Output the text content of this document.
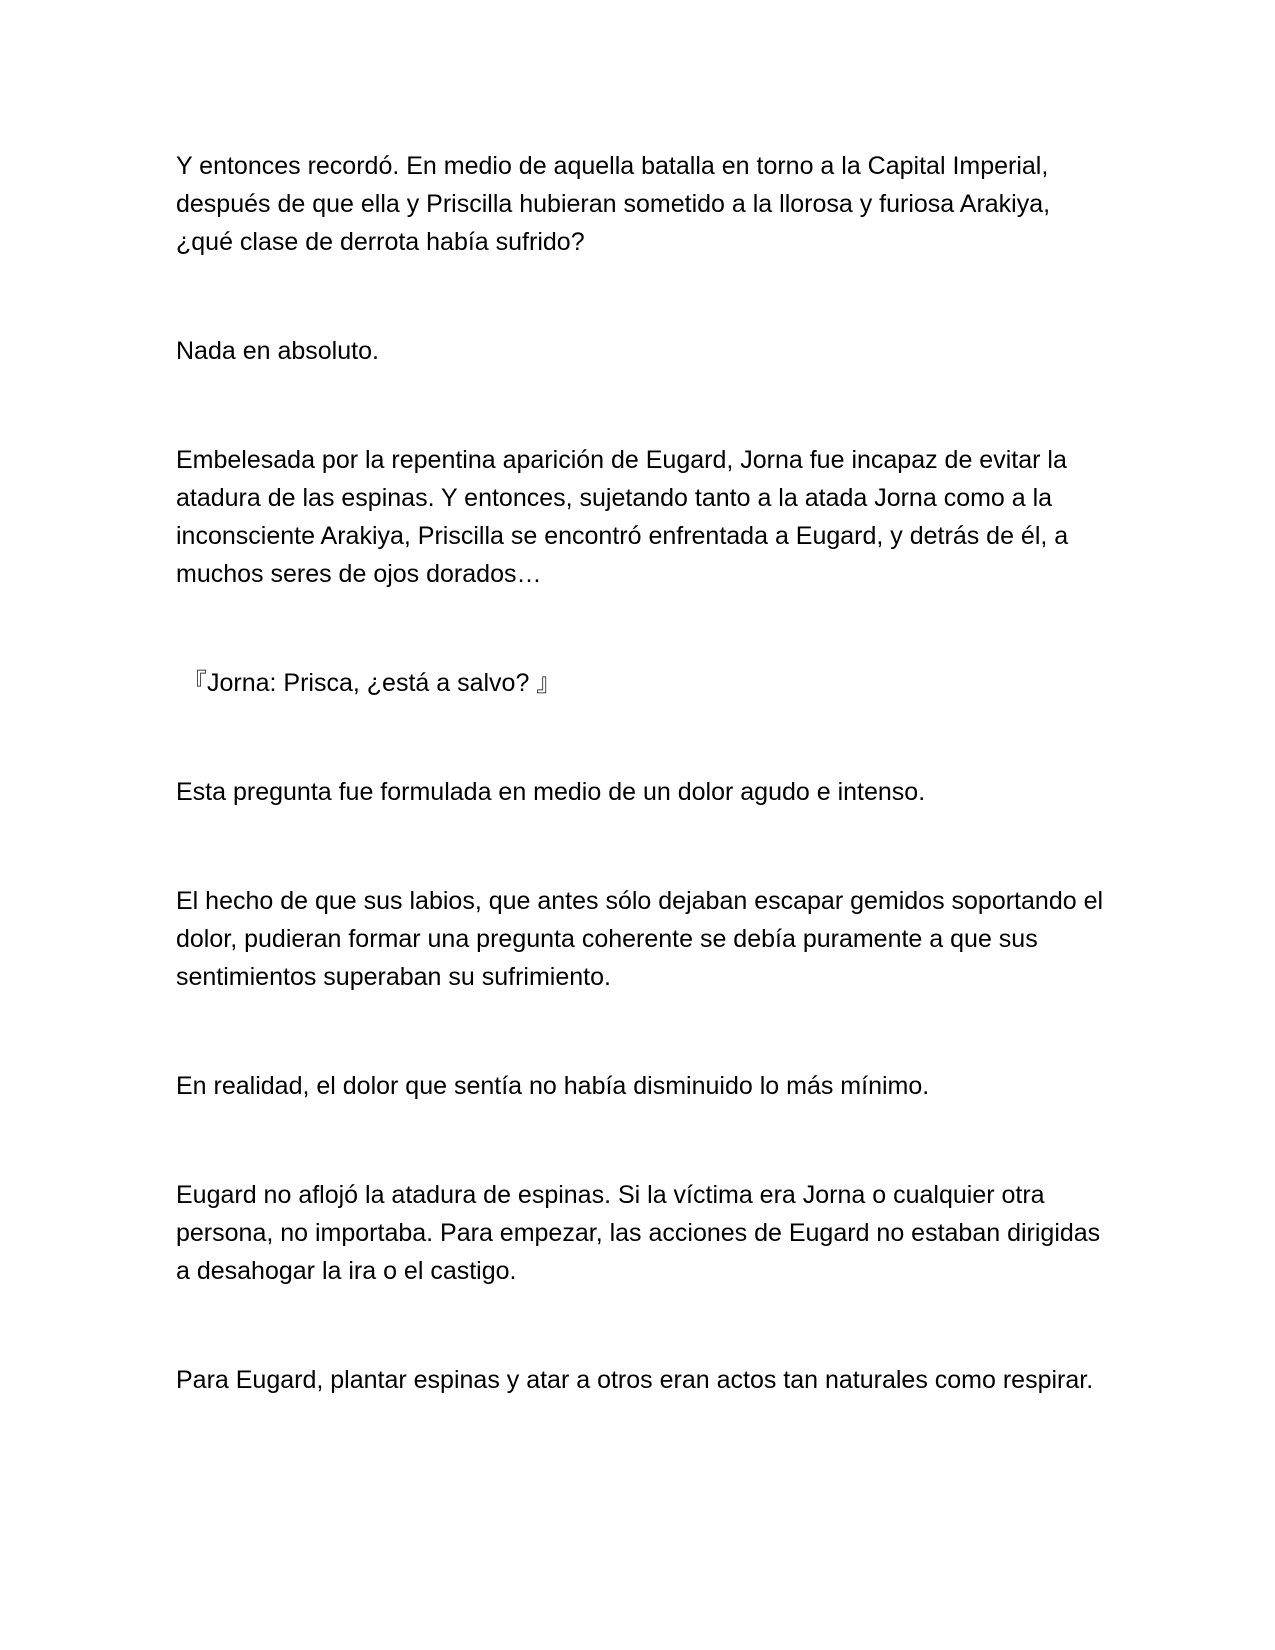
Y entonces recordó. En medio de aquella batalla en torno a la Capital Imperial, después de que ella y Priscilla hubieran sometido a la llorosa y furiosa Arakiya, ¿qué clase de derrota había sufrido?

Nada en absoluto.

Embelesada por la repentina aparición de Eugard, Jorna fue incapaz de evitar la atadura de las espinas. Y entonces, sujetando tanto a la atada Jorna como a la inconsciente Arakiya, Priscilla se encontró enfrentada a Eugard, y detrás de él, a muchos seres de ojos dorados…

『Jorna: Prisca, ¿está a salvo? 』

Esta pregunta fue formulada en medio de un dolor agudo e intenso.

El hecho de que sus labios, que antes sólo dejaban escapar gemidos soportando el dolor, pudieran formar una pregunta coherente se debía puramente a que sus sentimientos superaban su sufrimiento.

En realidad, el dolor que sentía no había disminuido lo más mínimo.

Eugard no aflojó la atadura de espinas. Si la víctima era Jorna o cualquier otra persona, no importaba. Para empezar, las acciones de Eugard no estaban dirigidas a desahogar la ira o el castigo.

Para Eugard, plantar espinas y atar a otros eran actos tan naturales como respirar.
